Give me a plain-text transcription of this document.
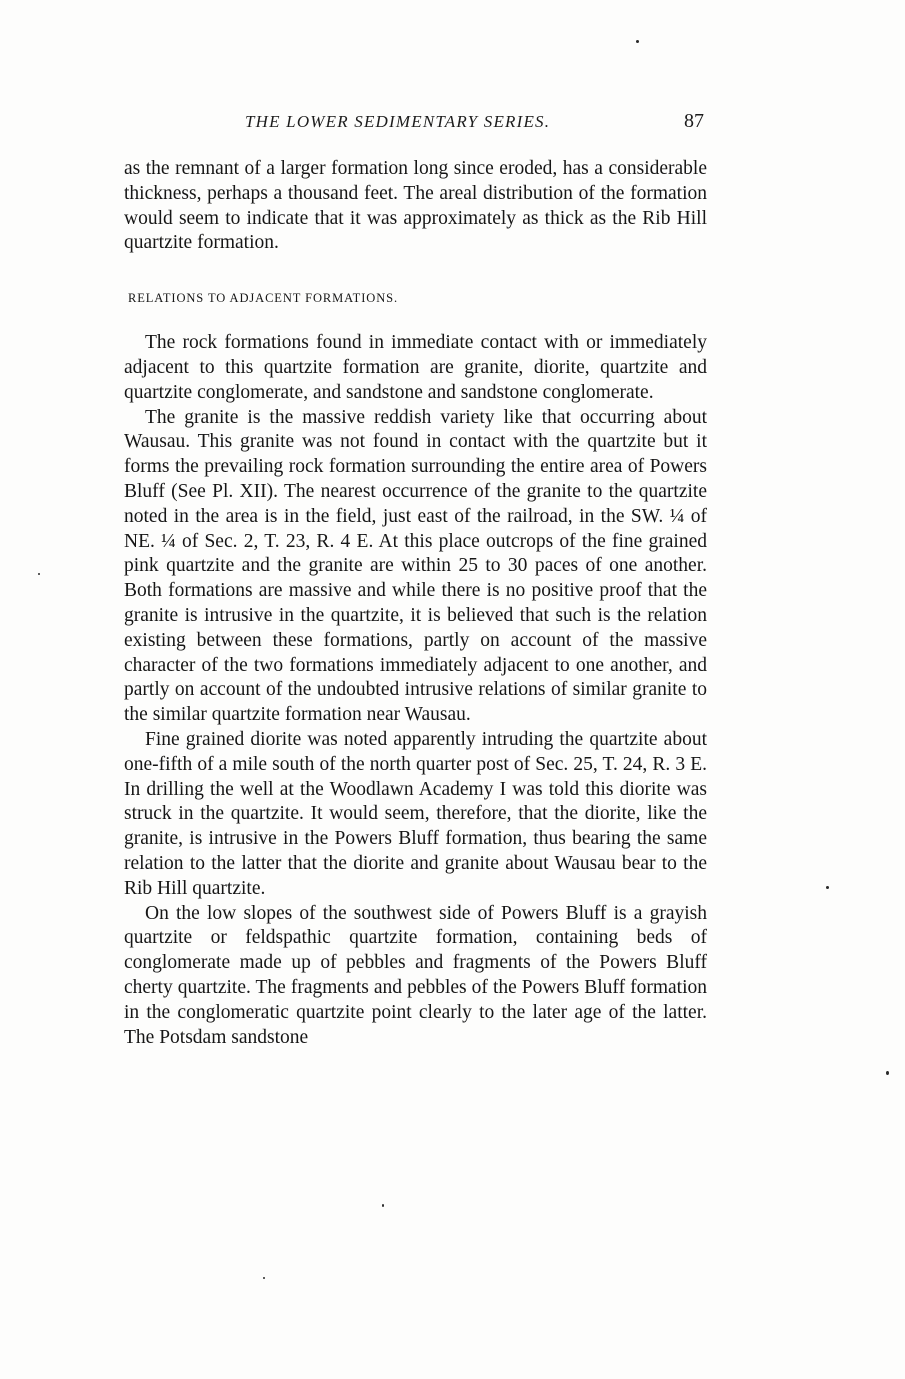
THE LOWER SEDIMENTARY SERIES.	87

as the remnant of a larger formation long since eroded, has a considerable thickness, perhaps a thousand feet. The areal distribution of the formation would seem to indicate that it was approximately as thick as the Rib Hill quartzite formation.

RELATIONS TO ADJACENT FORMATIONS.

The rock formations found in immediate contact with or immediately adjacent to this quartzite formation are granite, diorite, quartzite and quartzite conglomerate, and sandstone and sandstone conglomerate.

The granite is the massive reddish variety like that occurring about Wausau. This granite was not found in contact with the quartzite but it forms the prevailing rock formation surrounding the entire area of Powers Bluff (See Pl. XII). The nearest occurrence of the granite to the quartzite noted in the area is in the field, just east of the railroad, in the SW. ¼ of NE. ¼ of Sec. 2, T. 23, R. 4 E. At this place outcrops of the fine grained pink quartzite and the granite are within 25 to 30 paces of one another. Both formations are massive and while there is no positive proof that the granite is intrusive in the quartzite, it is believed that such is the relation existing between these formations, partly on account of the massive character of the two formations immediately adjacent to one another, and partly on account of the undoubted intrusive relations of similar granite to the similar quartzite formation near Wausau.

Fine grained diorite was noted apparently intruding the quartzite about one-fifth of a mile south of the north quarter post of Sec. 25, T. 24, R. 3 E. In drilling the well at the Woodlawn Academy I was told this diorite was struck in the quartzite. It would seem, therefore, that the diorite, like the granite, is intrusive in the Powers Bluff formation, thus bearing the same relation to the latter that the diorite and granite about Wausau bear to the Rib Hill quartzite.

On the low slopes of the southwest side of Powers Bluff is a grayish quartzite or feldspathic quartzite formation, containing beds of conglomerate made up of pebbles and fragments of the Powers Bluff cherty quartzite. The fragments and pebbles of the Powers Bluff formation in the conglomeratic quartzite point clearly to the later age of the latter. The Potsdam sandstone
